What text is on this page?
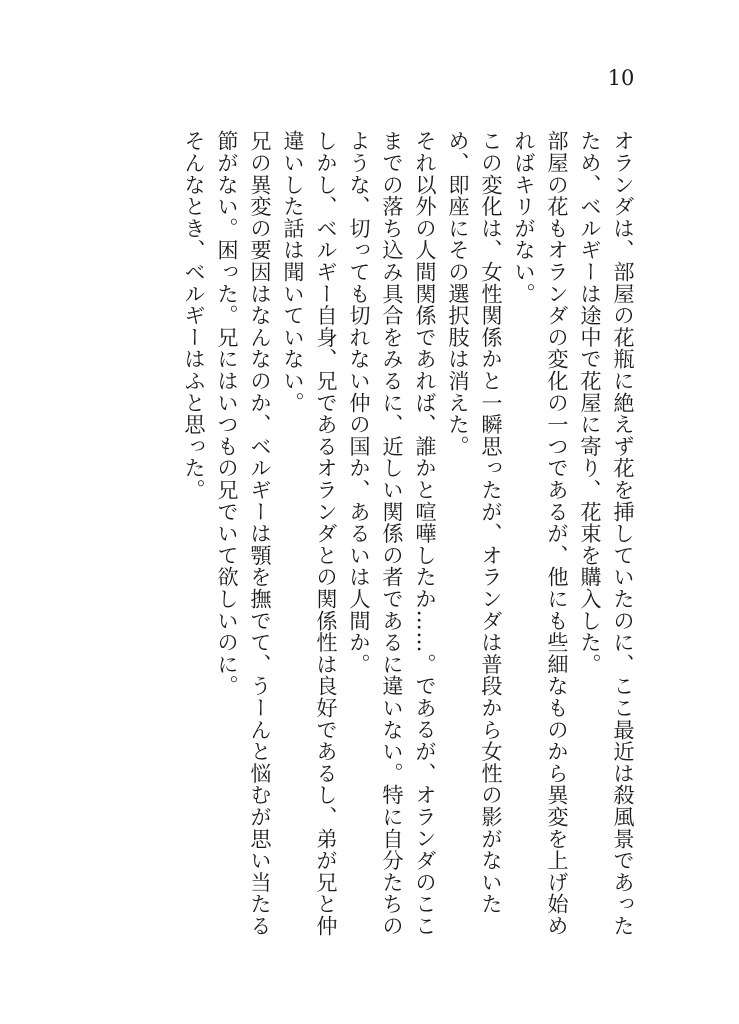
10

オランダは、部屋の花瓶に絶えず花を挿していたのに、ここ最近は殺風景であったため、ベルギーは途中で花屋に寄り、花束を購入した。

部屋の花もオランダの変化の一つであるが、他にも些細なものから異変を上げ始めればキリがない。

この変化は、女性関係かと一瞬思ったが、オランダは普段から女性の影がないため、即座にその選択肢は消えた。

それ以外の人間関係であれば、誰かと喧嘩したか……。であるが、オランダのここまでの落ち込み具合をみるに、近しい関係の者であるに違いない。特に自分たちのような、切っても切れない仲の国か、あるいは人間か。

しかし、ベルギー自身、兄であるオランダとの関係性は良好であるし、弟が兄と仲違いした話は聞いていない。

兄の異変の要因はなんなのか、ベルギーは顎を撫でて、うーんと悩むが思い当たる節がない。困った。兄にはいつもの兄でいて欲しいのに。

そんなとき、ベルギーはふと思った。
